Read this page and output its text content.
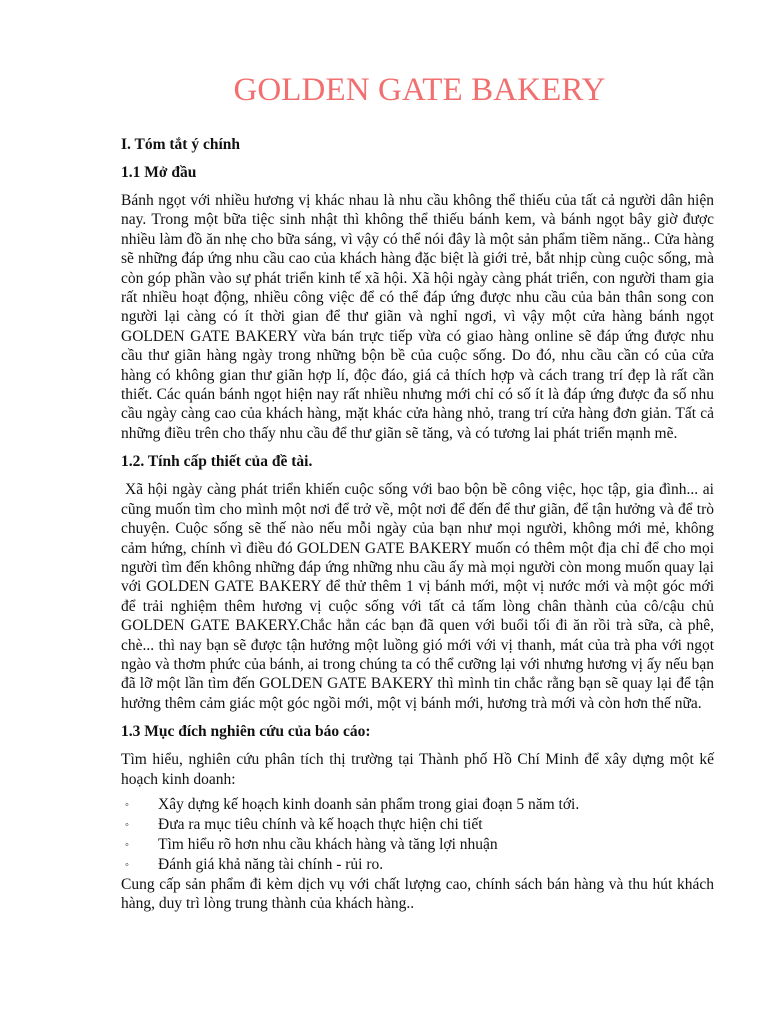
GOLDEN GATE BAKERY
I. Tóm tắt ý chính
1.1 Mở đầu
Bánh ngọt với nhiều hương vị khác nhau là nhu cầu không thể thiếu của tất cả người dân hiện nay. Trong một bữa tiệc sinh nhật thì không thể thiếu bánh kem, và bánh ngọt bây giờ được nhiều làm đồ ăn nhẹ cho bữa sáng, vì vậy có thể nói đây là một sản phẩm tiềm năng.. Cửa hàng sẽ những đáp ứng nhu cầu cao của khách hàng đặc biệt là giới trẻ, bắt nhịp cùng cuộc sống, mà còn góp phần vào sự phát triển kinh tế xã hội. Xã hội ngày càng phát triển, con người tham gia rất nhiều hoạt động, nhiều công việc để có thể đáp ứng được nhu cầu của bản thân song con người lại càng có ít thời gian để thư giãn và nghỉ ngơi, vì vậy một cửa hàng bánh ngọt GOLDEN GATE BAKERY vừa bán trực tiếp vừa có giao hàng online sẽ đáp ứng được nhu cầu thư giãn hàng ngày trong những bộn bề của cuộc sống. Do đó, nhu cầu cần có của cửa hàng có không gian thư giãn hợp lí, độc đáo, giá cả thích hợp và cách trang trí đẹp là rất cần thiết. Các quán bánh ngọt hiện nay rất nhiều nhưng mới chỉ có số ít là đáp ứng được đa số nhu cầu ngày càng cao của khách hàng, mặt khác cửa hàng nhỏ, trang trí cửa hàng đơn giản. Tất cả những điều trên cho thấy nhu cầu để thư giãn sẽ tăng, và có tương lai phát triển mạnh mẽ.
1.2. Tính cấp thiết của đề tài.
Xã hội ngày càng phát triển khiến cuộc sống với bao bộn bề công việc, học tập, gia đình... ai cũng muốn tìm cho mình một nơi để trở về, một nơi để đến để thư giãn, để tận hưởng và để trò chuyện. Cuộc sống sẽ thế nào nếu mỗi ngày của bạn như mọi người, không mới mẻ, không cảm hứng, chính vì điều đó GOLDEN GATE BAKERY muốn có thêm một địa chỉ để cho mọi người tìm đến không những đáp ứng những nhu cầu ấy mà mọi người còn mong muốn quay lại với GOLDEN GATE BAKERY để thử thêm 1 vị bánh mới, một vị nước mới và một góc mới để trải nghiệm thêm hương vị cuộc sống với tất cả tấm lòng chân thành của cô/cậu chủ GOLDEN GATE BAKERY.Chắc hẳn các bạn đã quen với buổi tối đi ăn rồi trà sữa, cà phê, chè... thì nay bạn sẽ được tận hưởng một luồng gió mới với vị thanh, mát của trà pha với ngọt ngào và thơm phức của bánh, ai trong chúng ta có thể cưỡng lại với nhưng hương vị ấy nếu bạn đã lỡ một lần tìm đến GOLDEN GATE BAKERY thì mình tin chắc rằng bạn sẽ quay lại để tận hưởng thêm cảm giác một góc ngồi mới, một vị bánh mới, hương trà mới và còn hơn thế nữa.
1.3 Mục đích nghiên cứu của báo cáo:
Tìm hiểu, nghiên cứu phân tích thị trường tại Thành phố Hồ Chí Minh để xây dựng một kế hoạch kinh doanh:
◦ Xây dựng kế hoạch kinh doanh sản phẩm trong giai đoạn 5 năm tới.
◦ Đưa ra mục tiêu chính và kế hoạch thực hiện chi tiết
◦ Tìm hiểu rõ hơn nhu cầu khách hàng và tăng lợi nhuận
◦ Đánh giá khả năng tài chính - rủi ro.
Cung cấp sản phẩm đi kèm dịch vụ với chất lượng cao, chính sách bán hàng và thu hút khách hàng, duy trì lòng trung thành của khách hàng..
